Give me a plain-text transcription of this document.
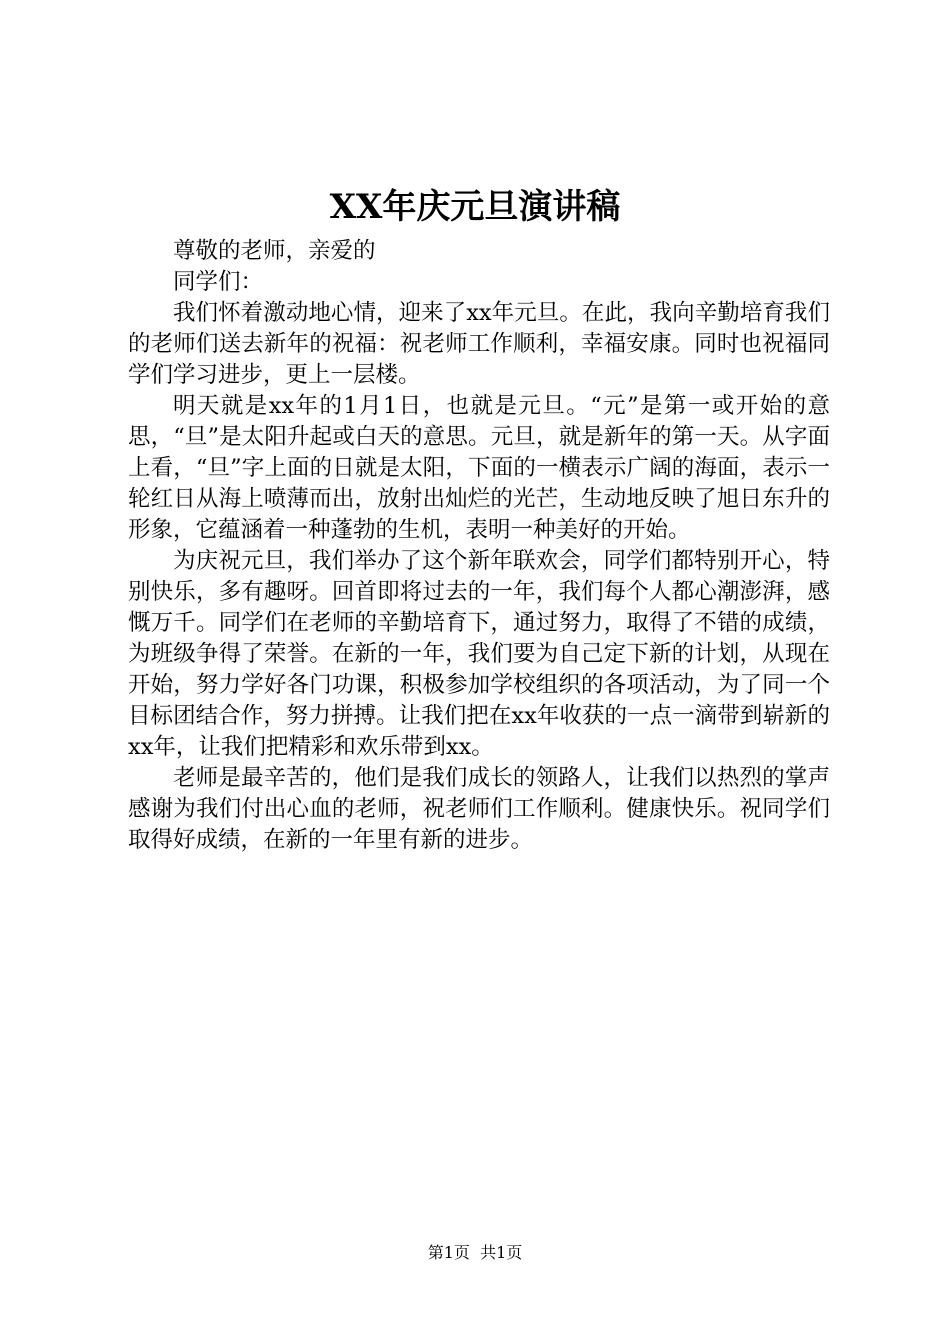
XX年庆元旦演讲稿

尊敬的老师，亲爱的

同学们：

我们怀着激动地心情，迎来了xx年元旦。在此，我向辛勤培育我们的老师们送去新年的祝福：祝老师工作顺利，幸福安康。同时也祝福同学们学习进步，更上一层楼。

明天就是xx年的1月1日，也就是元旦。“元”是第一或开始的意思，“旦”是太阳升起或白天的意思。元旦，就是新年的第一天。从字面上看，“旦”字上面的日就是太阳，下面的一横表示广阔的海面，表示一轮红日从海上喷薄而出，放射出灿烂的光芒，生动地反映了旭日东升的形象，它蕴涵着一种蓬勃的生机，表明一种美好的开始。

为庆祝元旦，我们举办了这个新年联欢会，同学们都特别开心，特别快乐，多有趣呀。回首即将过去的一年，我们每个人都心潮澎湃，感慨万千。同学们在老师的辛勤培育下，通过努力，取得了不错的成绩，为班级争得了荣誉。在新的一年，我们要为自己定下新的计划，从现在开始，努力学好各门功课，积极参加学校组织的各项活动，为了同一个目标团结合作，努力拼搏。让我们把在xx年收获的一点一滴带到崭新的xx年，让我们把精彩和欢乐带到xx。

老师是最辛苦的，他们是我们成长的领路人，让我们以热烈的掌声感谢为我们付出心血的老师，祝老师们工作顺利。健康快乐。祝同学们取得好成绩，在新的一年里有新的进步。

第1页  共1页
